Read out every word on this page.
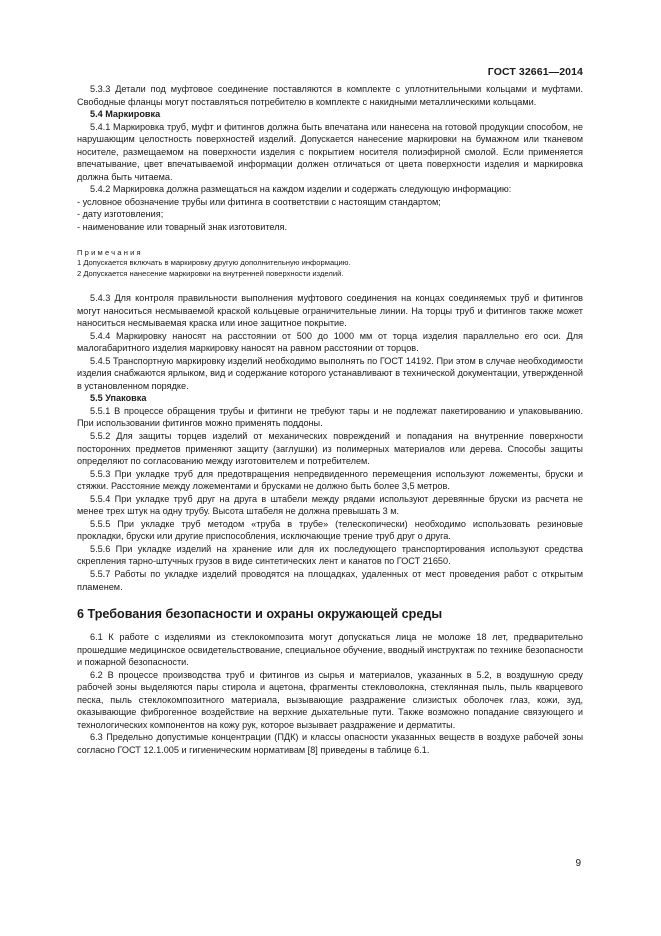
ГОСТ 32661—2014

5.3.3 Детали под муфтовое соединение поставляются в комплекте с уплотнительными кольцами и муфтами. Свободные фланцы могут поставляться потребителю в комплекте с накидными металлическими кольцами.

5.4 Маркировка

5.4.1 Маркировка труб, муфт и фитингов должна быть впечатана или нанесена на готовой продукции способом, не нарушающим целостность поверхностей изделий. Допускается нанесение маркировки на бумажном или тканевом носителе, размещаемом на поверхности изделия с покрытием носителя полиэфирной смолой. Если применяется впечатывание, цвет впечатываемой информации должен отличаться от цвета поверхности изделия и маркировка должна быть читаема.

5.4.2 Маркировка должна размещаться на каждом изделии и содержать следующую информацию:

- условное обозначение трубы или фитинга в соответствии с настоящим стандартом;

- дату изготовления;

- наименование или товарный знак изготовителя.

Примечания
1 Допускается включать в маркировку другую дополнительную информацию.
2 Допускается нанесение маркировки на внутренней поверхности изделий.

5.4.3 Для контроля правильности выполнения муфтового соединения на концах соединяемых труб и фитингов могут наноситься несмываемой краской кольцевые ограничительные линии. На торцы труб и фитингов также может наноситься несмываемая краска или иное защитное покрытие.

5.4.4 Маркировку наносят на расстоянии от 500 до 1000 мм от торца изделия параллельно его оси. Для малогабаритного изделия маркировку наносят на равном расстоянии от торцов.

5.4.5 Транспортную маркировку изделий необходимо выполнять по ГОСТ 14192. При этом в случае необходимости изделия снабжаются ярлыком, вид и содержание которого устанавливают в технической документации, утвержденной в установленном порядке.

5.5 Упаковка

5.5.1 В процессе обращения трубы и фитинги не требуют тары и не подлежат пакетированию и упаковыванию. При использовании фитингов можно применять поддоны.

5.5.2 Для защиты торцев изделий от механических повреждений и попадания на внутренние поверхности посторонних предметов применяют защиту (заглушки) из полимерных материалов или дерева. Способы защиты определяют по согласованию между изготовителем и потребителем.

5.5.3 При укладке труб для предотвращения непредвиденного перемещения используют ложементы, бруски и стяжки. Расстояние между ложементами и брусками не должно быть более 3,5 метров.

5.5.4 При укладке труб друг на друга в штабели между рядами используют деревянные бруски из расчета не менее трех штук на одну трубу. Высота штабеля не должна превышать 3 м.

5.5.5 При укладке труб методом «труба в трубе» (телескопически) необходимо использовать резиновые прокладки, бруски или другие приспособления, исключающие трение труб друг о друга.

5.5.6 При укладке изделий на хранение или для их последующего транспортирования используют средства скрепления тарно-штучных грузов в виде синтетических лент и канатов по ГОСТ 21650.

5.5.7 Работы по укладке изделий проводятся на площадках, удаленных от мест проведения работ с открытым пламенем.

6 Требования безопасности и охраны окружающей среды

6.1 К работе с изделиями из стеклокомпозита могут допускаться лица не моложе 18 лет, предварительно прошедшие медицинское освидетельствование, специальное обучение, вводный инструктаж по технике безопасности и пожарной безопасности.

6.2 В процессе производства труб и фитингов из сырья и материалов, указанных в 5.2, в воздушную среду рабочей зоны выделяются пары стирола и ацетона, фрагменты стекловолокна, стеклянная пыль, пыль кварцевого песка, пыль стеклокомпозитного материала, вызывающие раздражение слизистых оболочек глаз, кожи, зуд, оказывающие фиброгенное воздействие на верхние дыхательные пути. Также возможно попадание связующего и технологических компонентов на кожу рук, которое вызывает раздражение и дерматиты.

6.3 Предельно допустимые концентрации (ПДК) и классы опасности указанных веществ в воздухе рабочей зоны согласно ГОСТ 12.1.005 и гигиеническим нормативам [8] приведены в таблице 6.1.

9
